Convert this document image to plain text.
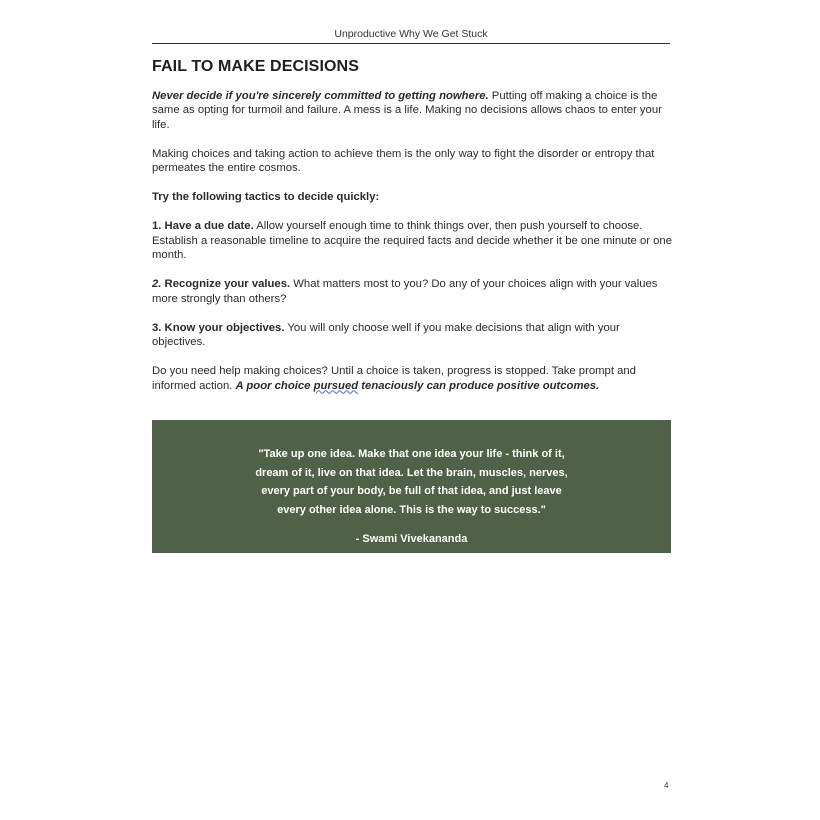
Unproductive Why We Get Stuck
FAIL TO MAKE DECISIONS

Never decide if you're sincerely committed to getting nowhere. Putting off making a choice is the same as opting for turmoil and failure. A mess is a life. Making no decisions allows chaos to enter your life.

Making choices and taking action to achieve them is the only way to fight the disorder or entropy that permeates the entire cosmos.

Try the following tactics to decide quickly:

1. Have a due date. Allow yourself enough time to think things over, then push yourself to choose. Establish a reasonable timeline to acquire the required facts and decide whether it be one minute or one month.

2. Recognize your values. What matters most to you? Do any of your choices align with your values more strongly than others?

3. Know your objectives. You will only choose well if you make decisions that align with your objectives.

Do you need help making choices? Until a choice is taken, progress is stopped. Take prompt and informed action. A poor choice pursued tenaciously can produce positive outcomes.

"Take up one idea. Make that one idea your life - think of it, dream of it, live on that idea. Let the brain, muscles, nerves, every part of your body, be full of that idea, and just leave every other idea alone. This is the way to success."
- Swami Vivekananda
4
